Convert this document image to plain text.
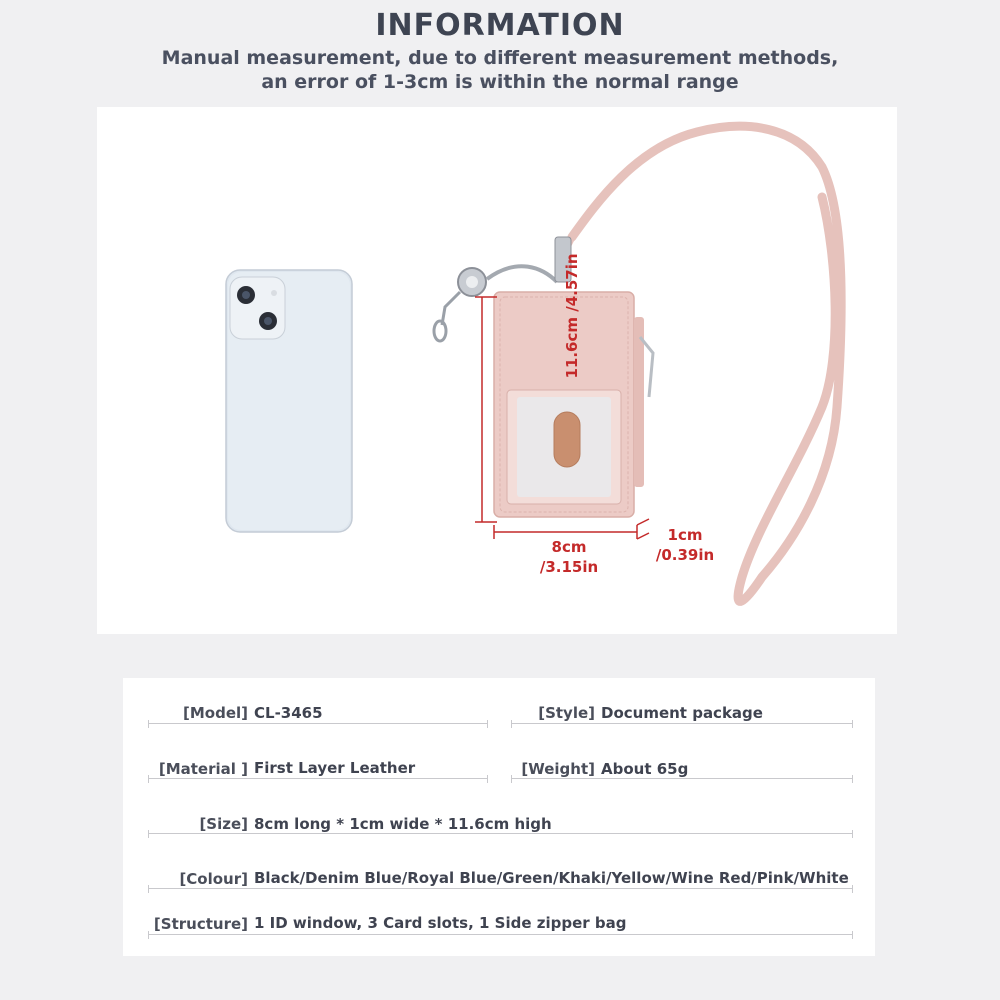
INFORMATION
Manual measurement, due to different measurement methods,
an error of 1-3cm is within the normal range
11.6cm /4.57in
8cm
/3.15in
1cm
/0.39in
[Model] CL-3465	[Style] Document package
[Material ] First Layer Leather	[Weight] About 65g
[Size] 8cm long * 1cm wide * 11.6cm high
[Colour] Black/Denim Blue/Royal Blue/Green/Khaki/Yellow/Wine Red/Pink/White
[Structure] 1 ID window, 3 Card slots, 1 Side zipper bag
